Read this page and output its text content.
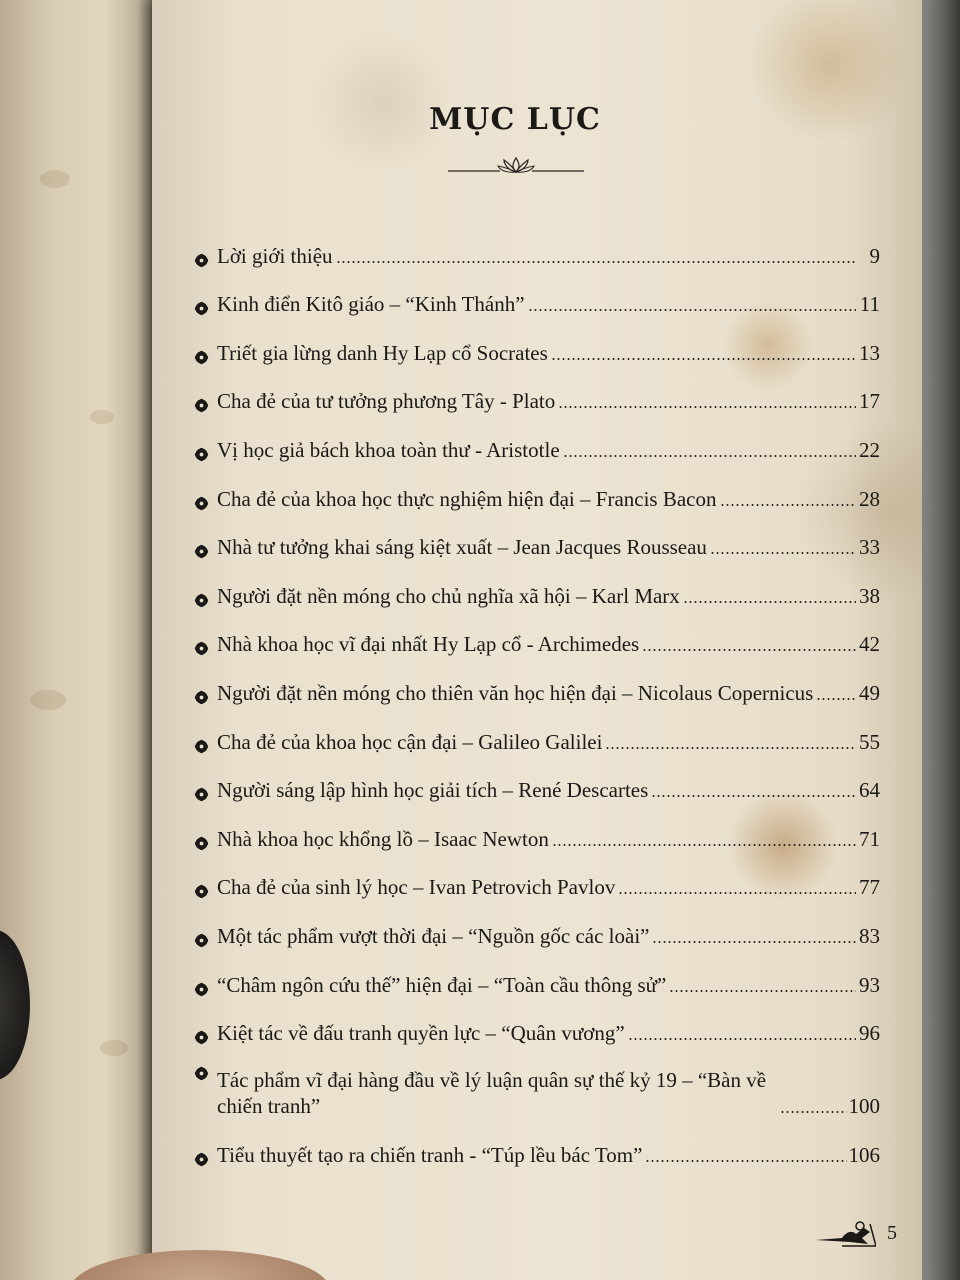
MỤC LỤC
Lời giới thiệu	9
Kinh điển Kitô giáo – “Kinh Thánh”	11
Triết gia lừng danh Hy Lạp cổ Socrates	13
Cha đẻ của tư tưởng phương Tây - Plato	17
Vị học giả bách khoa toàn thư - Aristotle	22
Cha đẻ của khoa học thực nghiệm hiện đại – Francis Bacon	28
Nhà tư tưởng khai sáng kiệt xuất – Jean Jacques Rousseau	33
Người đặt nền móng cho chủ nghĩa xã hội – Karl Marx	38
Nhà khoa học vĩ đại nhất Hy Lạp cổ - Archimedes	42
Người đặt nền móng cho thiên văn học hiện đại – Nicolaus Copernicus 49
Cha đẻ của khoa học cận đại – Galileo Galilei	55
Người sáng lập hình học giải tích – René Descartes	64
Nhà khoa học khổng lồ – Isaac Newton	71
Cha đẻ của sinh lý học – Ivan Petrovich Pavlov	77
Một tác phẩm vượt thời đại – “Nguồn gốc các loài”	83
“Châm ngôn cứu thế” hiện đại – “Toàn cầu thông sử”	93
Kiệt tác về đấu tranh quyền lực – “Quân vương”	96
Tác phẩm vĩ đại hàng đầu về lý luận quân sự thế kỷ 19 – “Bàn về chiến tranh”	100
Tiểu thuyết tạo ra chiến tranh - “Túp lều bác Tom”	106
5
